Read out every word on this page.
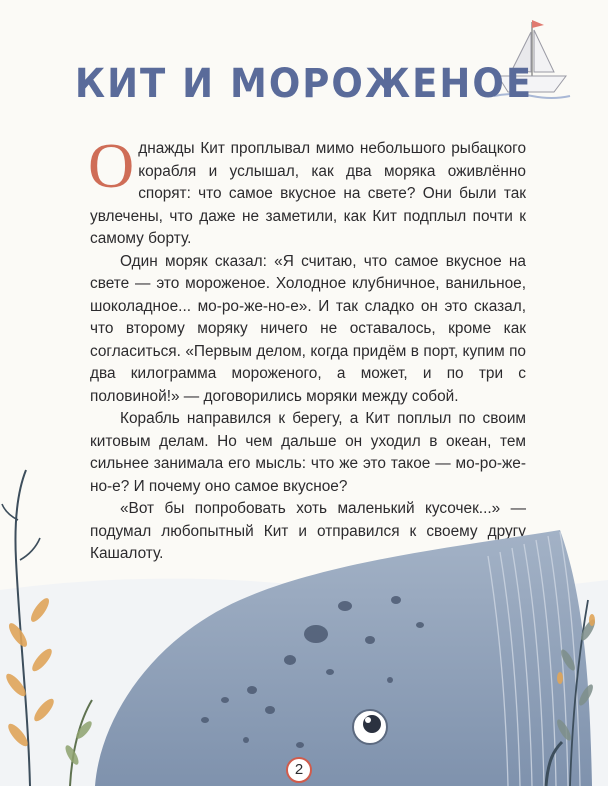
КИТ И МОРОЖЕНОЕ

Однажды Кит проплывал мимо небольшого рыбацкого корабля и услышал, как два моряка оживлённо спорят: что самое вкусное на свете? Они были так увлечены, что даже не заметили, как Кит подплыл почти к самому борту.

Один моряк сказал: «Я считаю, что самое вкусное на свете — это мороженое. Холодное клубничное, ванильное, шоколадное... мо-ро-же-но-е». И так сладко он это сказал, что второму моряку ничего не оставалось, кроме как согласиться. «Первым делом, когда придём в порт, купим по два килограмма мороженого, а может, и по три с половиной!» — договорились моряки между собой.

Корабль направился к берегу, а Кит поплыл по своим китовым делам. Но чем дальше он уходил в океан, тем сильнее занимала его мысль: что же это такое — мо-ро-же-но-е? И почему оно самое вкусное?

«Вот бы попробовать хоть маленький кусочек...» — подумал любопытный Кит и отправился к своему другу Кашалоту.

2
